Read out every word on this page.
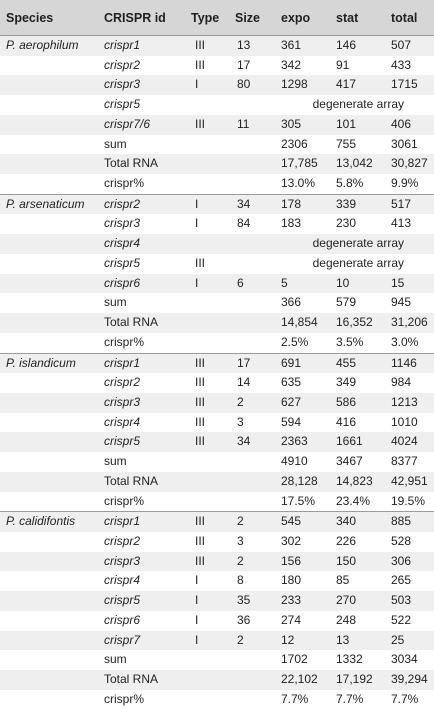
Species	CRISPR id	Type	Size	expo	stat	total
P. aerophilum	crispr1	III	13	361	146	507
	crispr2	III	17	342	91	433
	crispr3	I	80	1298	417	1715
	crispr5			degenerate array		
	crispr7/6	III	11	305	101	406
	sum			2306	755	3061
	Total RNA			17,785	13,042	30,827
	crispr%			13.0%	5.8%	9.9%
P. arsenaticum	crispr2	I	34	178	339	517
	crispr3	I	84	183	230	413
	crispr4			degenerate array		
	crispr5	III		degenerate array		
	crispr6	I	6	5	10	15
	sum			366	579	945
	Total RNA			14,854	16,352	31,206
	crispr%			2.5%	3.5%	3.0%
P. islandicum	crispr1	III	17	691	455	1146
	crispr2	III	14	635	349	984
	crispr3	III	2	627	586	1213
	crispr4	III	3	594	416	1010
	crispr5	III	34	2363	1661	4024
	sum			4910	3467	8377
	Total RNA			28,128	14,823	42,951
	crispr%			17.5%	23.4%	19.5%
P. calidifontis	crispr1	III	2	545	340	885
	crispr2	III	3	302	226	528
	crispr3	III	2	156	150	306
	crispr4	I	8	180	85	265
	crispr5	I	35	233	270	503
	crispr6	I	36	274	248	522
	crispr7	I	2	12	13	25
	sum			1702	1332	3034
	Total RNA			22,102	17,192	39,294
	crispr%			7.7%	7.7%	7.7%
